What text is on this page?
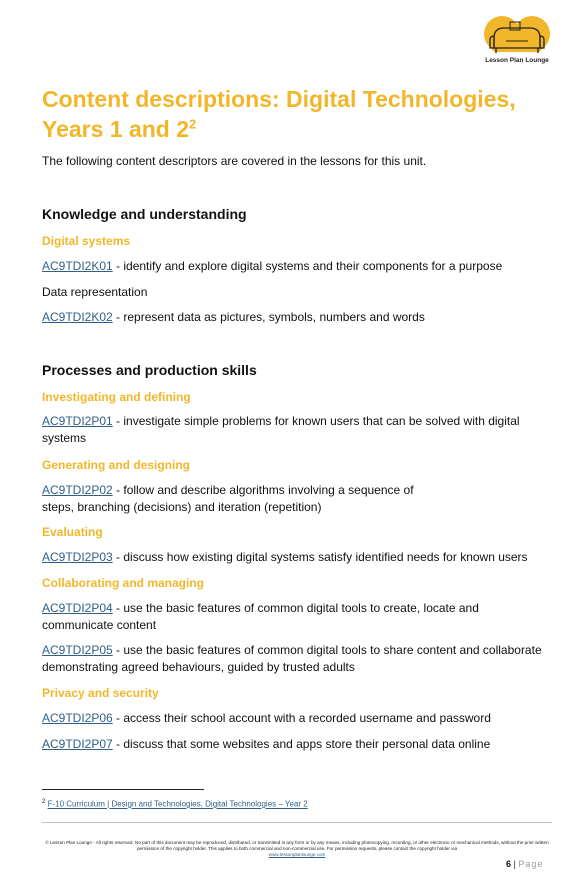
Lesson Plan Lounge
Content descriptions: Digital Technologies, Years 1 and $2^2$
The following content descriptors are covered in the lessons for this unit.
Knowledge and understanding
Digital systems
AC9TDI2K01 - identify and explore digital systems and their components for a purpose
Data representation
AC9TDI2K02 - represent data as pictures, symbols, numbers and words
Processes and production skills
Investigating and defining
AC9TDI2P01 - investigate simple problems for known users that can be solved with digital systems
Generating and designing
AC9TDI2P02 - follow and describe algorithms involving a sequence of
steps, branching (decisions) and iteration (repetition)
Evaluating
AC9TDI2P03 - discuss how existing digital systems satisfy identified needs for known users
Collaborating and managing
AC9TDI2P04 - use the basic features of common digital tools to create, locate and communicate content
AC9TDI2P05 - use the basic features of common digital tools to share content and collaborate demonstrating agreed behaviours, guided by trusted adults
Privacy and security
AC9TDI2P06 - access their school account with a recorded username and password
AC9TDI2P07 - discuss that some websites and apps store their personal data online
$^2$ F-10 Curriculum | Design and Technologies, Digital Technologies – Year 2
© Lesson Plan Lounge - All rights reserved. No part of this document may be reproduced, distributed, or transmitted in any form or by any means, including photocopying, recording, or other electronic or mechanical methods, without the prior written permission of the copyright holder. This applies to both commercial and non-commercial use. For permission requests, please contact the copyright holder via
www.lessonplanlounge.com
6 | Page
